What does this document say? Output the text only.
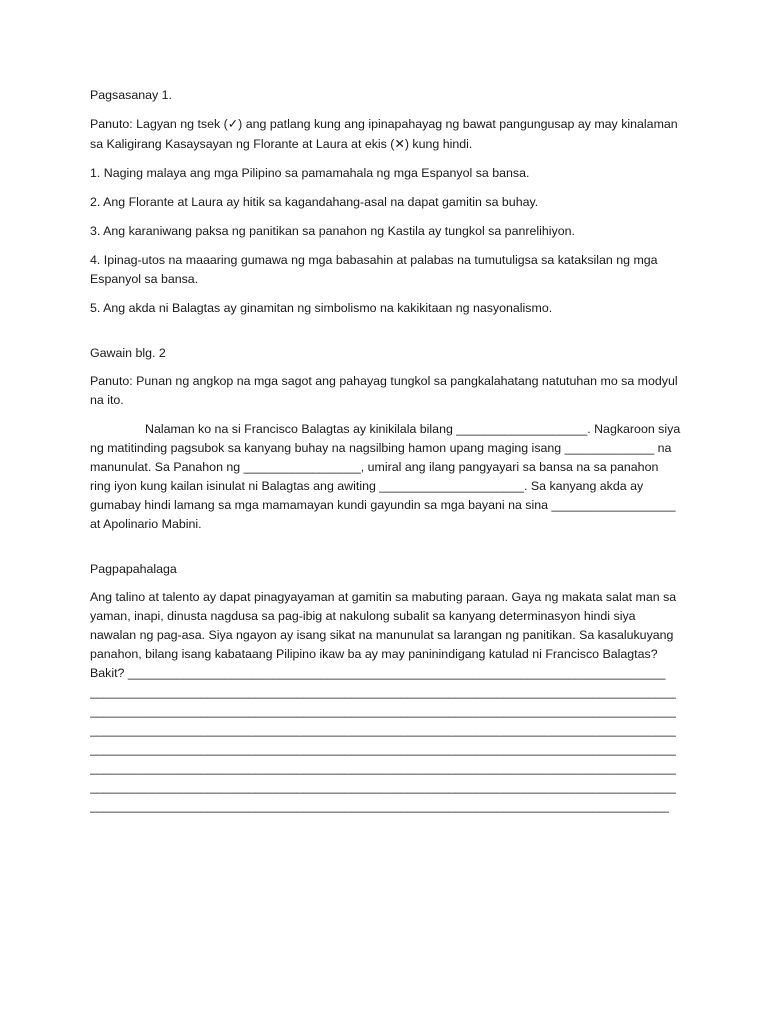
Pagsasanay 1.

Panuto: Lagyan ng tsek (✓) ang patlang kung ang ipinapahayag ng bawat pangungusap ay may kinalaman sa Kaligirang Kasaysayan ng Florante at Laura at ekis (✕) kung hindi.

1. Naging malaya ang mga Pilipino sa pamamahala ng mga Espanyol sa bansa.

2. Ang Florante at Laura ay hitik sa kagandahang-asal na dapat gamitin sa buhay.

3. Ang karaniwang paksa ng panitikan sa panahon ng Kastila ay tungkol sa panrelihiyon.

4. Ipinag-utos na maaaring gumawa ng mga babasahin at palabas na tumutuligsa sa kataksilan ng mga Espanyol sa bansa.

5. Ang akda ni Balagtas ay ginamitan ng simbolismo na kakikitaan ng nasyonalismo.

Gawain blg. 2

Panuto: Punan ng angkop na mga sagot ang pahayag tungkol sa pangkalahatang natutuhan mo sa modyul na ito.

Nalaman ko na si Francisco Balagtas ay kinikilala bilang ___________________. Nagkaroon siya ng matitinding pagsubok sa kanyang buhay na nagsilbing hamon upang maging isang _____________ na manunulat. Sa Panahon ng _________________, umiral ang ilang pangyayari sa bansa na sa panahon ring iyon kung kailan isinulat ni Balagtas ang awiting _____________________. Sa kanyang akda ay gumabay hindi lamang sa mga mamamayan kundi gayundin sa mga bayani na sina __________________ at Apolinario Mabini.

Pagpapahalaga

Ang talino at talento ay dapat pinagyayaman at gamitin sa mabuting paraan. Gaya ng makata salat man sa yaman, inapi, dinusta nagdusa sa pag-ibig at nakulong subalit sa kanyang determinasyon hindi siya nawalan ng pag-asa. Siya ngayon ay isang sikat na manunulat sa larangan ng panitikan. Sa kasalukuyang panahon, bilang isang kabataang Pilipino ikaw ba ay may paninindigang katulad ni Francisco Balagtas?

Bakit? ______________________________________________________________________________

_____________________________________________________________________________________

_____________________________________________________________________________________

_____________________________________________________________________________________

_____________________________________________________________________________________

_____________________________________________________________________________________

_____________________________________________________________________________________

____________________________________________________________________________________
